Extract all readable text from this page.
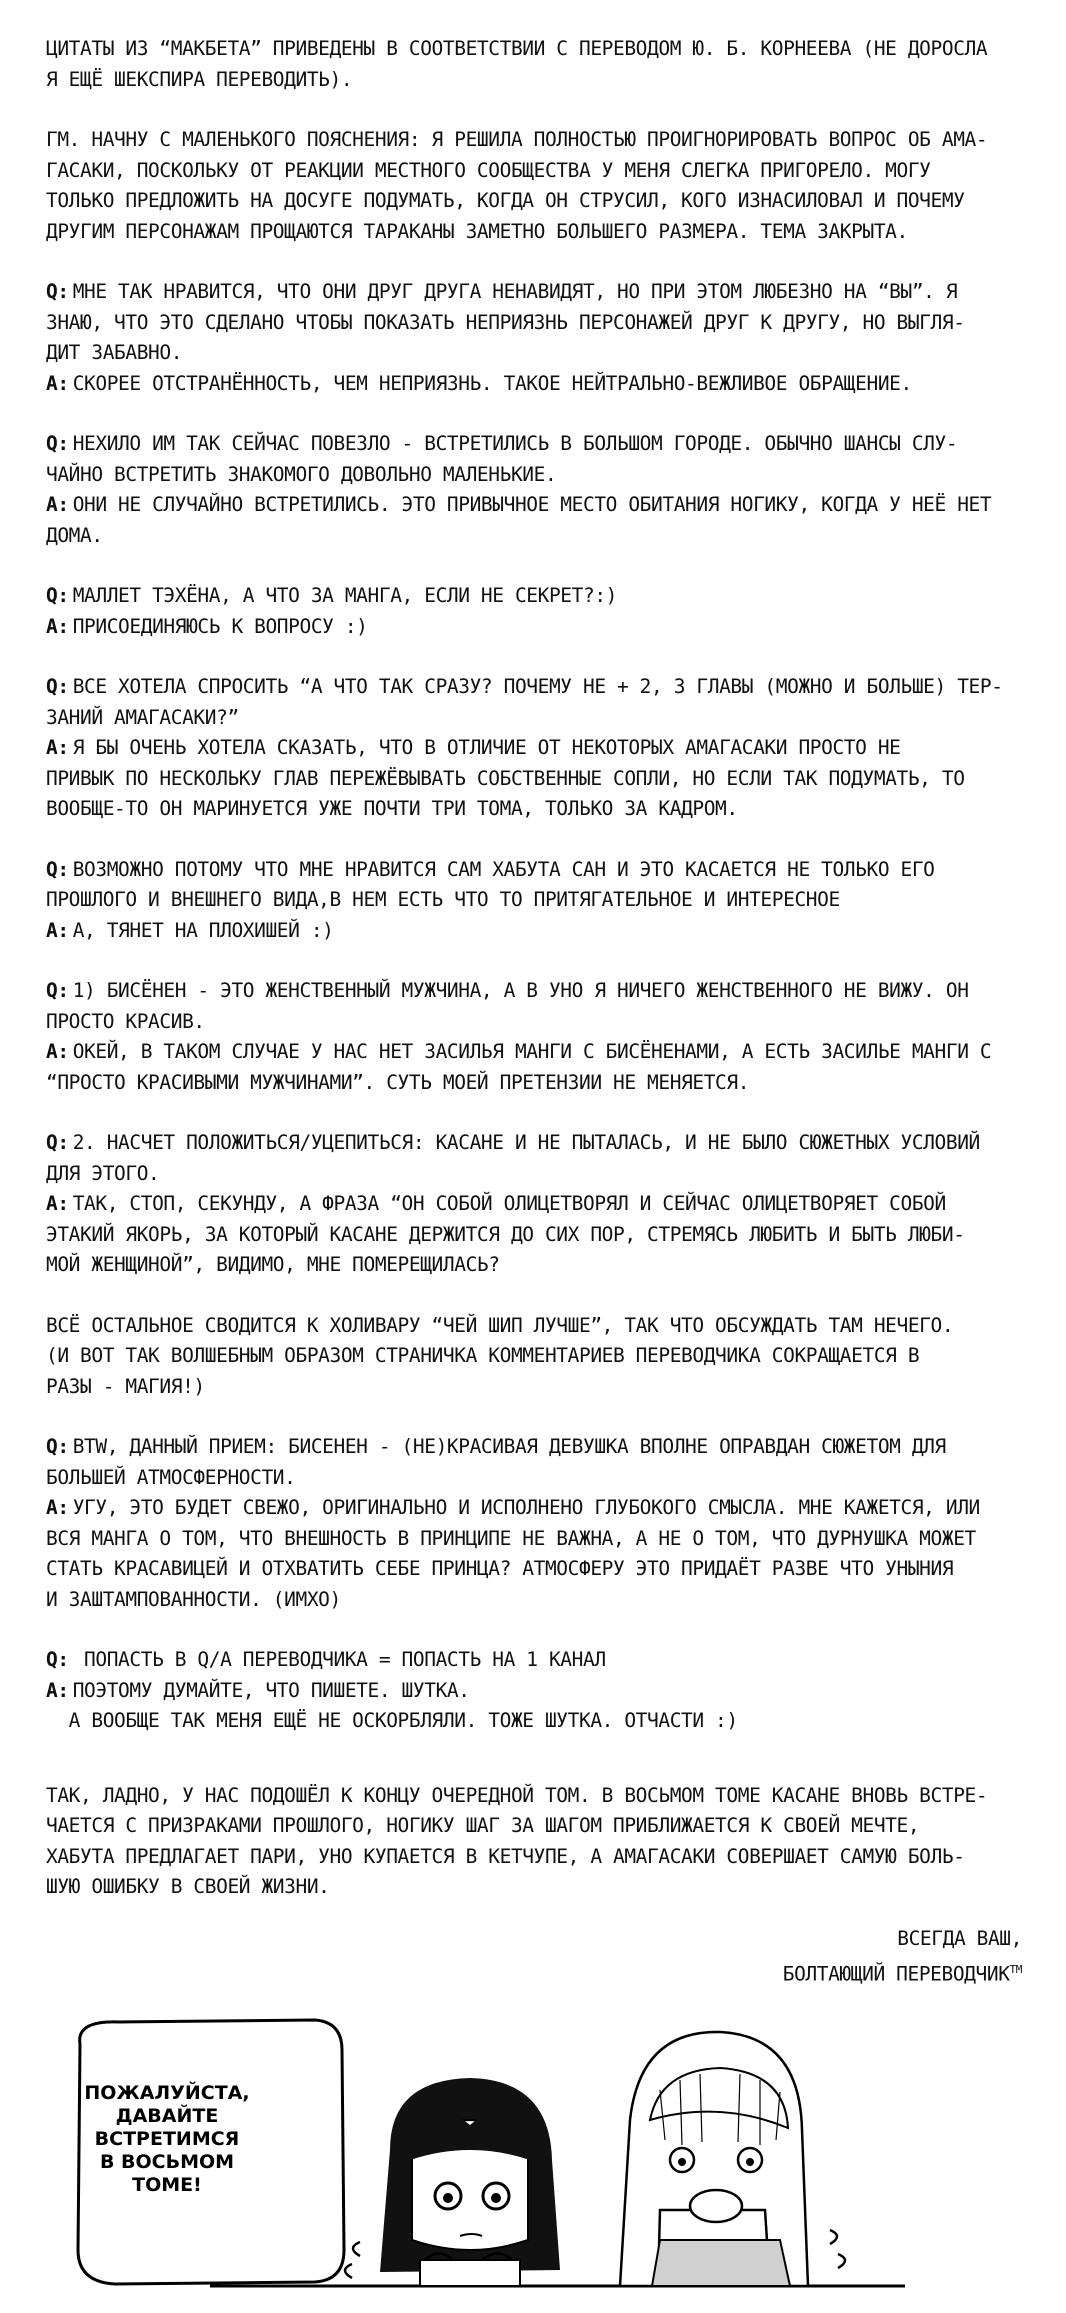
ЦИТАТЫ ИЗ “МАКБЕТА” ПРИВЕДЕНЫ В СООТВЕТСТВИИ С ПЕРЕВОДОМ Ю. Б. КОРНЕЕВА (НЕ ДОРОСЛА
Я ЕЩЁ ШЕКСПИРА ПЕРЕВОДИТЬ).
ГМ. НАЧНУ С МАЛЕНЬКОГО ПОЯСНЕНИЯ: Я РЕШИЛА ПОЛНОСТЬЮ ПРОИГНОРИРОВАТЬ ВОПРОС ОБ АМА-
ГАСАКИ, ПОСКОЛЬКУ ОТ РЕАКЦИИ МЕСТНОГО СООБЩЕСТВА У МЕНЯ СЛЕГКА ПРИГОРЕЛО. МОГУ
ТОЛЬКО ПРЕДЛОЖИТЬ НА ДОСУГЕ ПОДУМАТЬ, КОГДА ОН СТРУСИЛ, КОГО ИЗНАСИЛОВАЛ И ПОЧЕМУ
ДРУГИМ ПЕРСОНАЖАМ ПРОЩАЮТСЯ ТАРАКАНЫ ЗАМЕТНО БОЛЬШЕГО РАЗМЕРА. ТЕМА ЗАКРЫТА.
Q: МНЕ ТАК НРАВИТСЯ, ЧТО ОНИ ДРУГ ДРУГА НЕНАВИДЯТ, НО ПРИ ЭТОМ ЛЮБЕЗНО НА “ВЫ”. Я
ЗНАЮ, ЧТО ЭТО СДЕЛАНО ЧТОБЫ ПОКАЗАТЬ НЕПРИЯЗНЬ ПЕРСОНАЖЕЙ ДРУГ К ДРУГУ, НО ВЫГЛЯ-
ДИТ ЗАБАВНО.
A: СКОРЕЕ ОТСТРАНЁННОСТЬ, ЧЕМ НЕПРИЯЗНЬ. ТАКОЕ НЕЙТРАЛЬНО-ВЕЖЛИВОЕ ОБРАЩЕНИЕ.
Q: НЕХИЛО ИМ ТАК СЕЙЧАС ПОВЕЗЛО - ВСТРЕТИЛИСЬ В БОЛЬШОМ ГОРОДЕ. ОБЫЧНО ШАНСЫ СЛУ-
ЧАЙНО ВСТРЕТИТЬ ЗНАКОМОГО ДОВОЛЬНО МАЛЕНЬКИЕ.
A: ОНИ НЕ СЛУЧАЙНО ВСТРЕТИЛИСЬ. ЭТО ПРИВЫЧНОЕ МЕСТО ОБИТАНИЯ НОГИКУ, КОГДА У НЕЁ НЕТ
ДОМА.
Q: МАЛЛЕТ ТЭХЁНА, А ЧТО ЗА МАНГА, ЕСЛИ НЕ СЕКРЕТ?:)
A: ПРИСОЕДИНЯЮСЬ К ВОПРОСУ :)
Q: ВСЕ ХОТЕЛА СПРОСИТЬ “А ЧТО ТАК СРАЗУ? ПОЧЕМУ НЕ + 2, 3 ГЛАВЫ (МОЖНО И БОЛЬШЕ) ТЕР-
ЗАНИЙ АМАГАСАКИ?”
A: Я БЫ ОЧЕНЬ ХОТЕЛА СКАЗАТЬ, ЧТО В ОТЛИЧИЕ ОТ НЕКОТОРЫХ АМАГАСАКИ ПРОСТО НЕ
ПРИВЫК ПО НЕСКОЛЬКУ ГЛАВ ПЕРЕЖЁВЫВАТЬ СОБСТВЕННЫЕ СОПЛИ, НО ЕСЛИ ТАК ПОДУМАТЬ, ТО
ВООБЩЕ-ТО ОН МАРИНУЕТСЯ УЖЕ ПОЧТИ ТРИ ТОМА, ТОЛЬКО ЗА КАДРОМ.
Q: ВОЗМОЖНО ПОТОМУ ЧТО МНЕ НРАВИТСЯ САМ ХАБУТА САН И ЭТО КАСАЕТСЯ НЕ ТОЛЬКО ЕГО
ПРОШЛОГО И ВНЕШНЕГО ВИДА,В НЕМ ЕСТЬ ЧТО ТО ПРИТЯГАТЕЛЬНОЕ И ИНТЕРЕСНОЕ
A: А, ТЯНЕТ НА ПЛОХИШЕЙ :)
Q: 1) БИСЁНЕН - ЭТО ЖЕНСТВЕННЫЙ МУЖЧИНА, А В УНО Я НИЧЕГО ЖЕНСТВЕННОГО НЕ ВИЖУ. ОН
ПРОСТО КРАСИВ.
A: ОКЕЙ, В ТАКОМ СЛУЧАЕ У НАС НЕТ ЗАСИЛЬЯ МАНГИ С БИСЁНЕНАМИ, А ЕСТЬ ЗАСИЛЬЕ МАНГИ С
“ПРОСТО КРАСИВЫМИ МУЖЧИНАМИ”. СУТЬ МОЕЙ ПРЕТЕНЗИИ НЕ МЕНЯЕТСЯ.
Q: 2. НАСЧЕТ ПОЛОЖИТЬСЯ/УЦЕПИТЬСЯ: КАСАНЕ И НЕ ПЫТАЛАСЬ, И НЕ БЫЛО СЮЖЕТНЫХ УСЛОВИЙ
ДЛЯ ЭТОГО.
A: ТАК, СТОП, СЕКУНДУ, А ФРАЗА “ОН СОБОЙ ОЛИЦЕТВОРЯЛ И СЕЙЧАС ОЛИЦЕТВОРЯЕТ СОБОЙ
ЭТАКИЙ ЯКОРЬ, ЗА КОТОРЫЙ КАСАНЕ ДЕРЖИТСЯ ДО СИХ ПОР, СТРЕМЯСЬ ЛЮБИТЬ И БЫТЬ ЛЮБИ-
МОЙ ЖЕНЩИНОЙ”, ВИДИМО, МНЕ ПОМЕРЕЩИЛАСЬ?
ВСЁ ОСТАЛЬНОЕ СВОДИТСЯ К ХОЛИВАРУ “ЧЕЙ ШИП ЛУЧШЕ”, ТАК ЧТО ОБСУЖДАТЬ ТАМ НЕЧЕГО.
(И ВОТ ТАК ВОЛШЕБНЫМ ОБРАЗОМ СТРАНИЧКА КОММЕНТАРИЕВ ПЕРЕВОДЧИКА СОКРАЩАЕТСЯ В
РАЗЫ - МАГИЯ!)
Q: BTW, ДАННЫЙ ПРИЕМ: БИСЕНЕН - (НЕ)КРАСИВАЯ ДЕВУШКА ВПОЛНЕ ОПРАВДАН СЮЖЕТОМ ДЛЯ
БОЛЬШЕЙ АТМОСФЕРНОСТИ.
A: УГУ, ЭТО БУДЕТ СВЕЖО, ОРИГИНАЛЬНО И ИСПОЛНЕНО ГЛУБОКОГО СМЫСЛА. МНЕ КАЖЕТСЯ, ИЛИ
ВСЯ МАНГА О ТОМ, ЧТО ВНЕШНОСТЬ В ПРИНЦИПЕ НЕ ВАЖНА, А НЕ О ТОМ, ЧТО ДУРНУШКА МОЖЕТ
СТАТЬ КРАСАВИЦЕЙ И ОТХВАТИТЬ СЕБЕ ПРИНЦА? АТМОСФЕРУ ЭТО ПРИДАЁТ РАЗВЕ ЧТО УНЫНИЯ
И ЗАШТАМПОВАННОСТИ. (ИМХО)
Q: ПОПАСТЬ В Q/A ПЕРЕВОДЧИКА = ПОПАСТЬ НА 1 КАНАЛ
A: ПОЭТОМУ ДУМАЙТЕ, ЧТО ПИШЕТЕ. ШУТКА.
А ВООБЩЕ ТАК МЕНЯ ЕЩЁ НЕ ОСКОРБЛЯЛИ. ТОЖЕ ШУТКА. ОТЧАСТИ :)
ТАК, ЛАДНО, У НАС ПОДОШЁЛ К КОНЦУ ОЧЕРЕДНОЙ ТОМ. В ВОСЬМОМ ТОМЕ КАСАНЕ ВНОВЬ ВСТРЕ-
ЧАЕТСЯ С ПРИЗРАКАМИ ПРОШЛОГО, НОГИКУ ШАГ ЗА ШАГОМ ПРИБЛИЖАЕТСЯ К СВОЕЙ МЕЧТЕ,
ХАБУТА ПРЕДЛАГАЕТ ПАРИ, УНО КУПАЕТСЯ В КЕТЧУПЕ, А АМАГАСАКИ СОВЕРШАЕТ САМУЮ БОЛЬ-
ШУЮ ОШИБКУ В СВОЕЙ ЖИЗНИ.
ВСЕГДА ВАШ,
БОЛТАЮЩИЙ ПЕРЕВОДЧИК™
ПОЖАЛУЙСТА,
ДАВАЙТЕ
ВСТРЕТИМСЯ
В ВОСЬМОМ
ТОМЕ!
